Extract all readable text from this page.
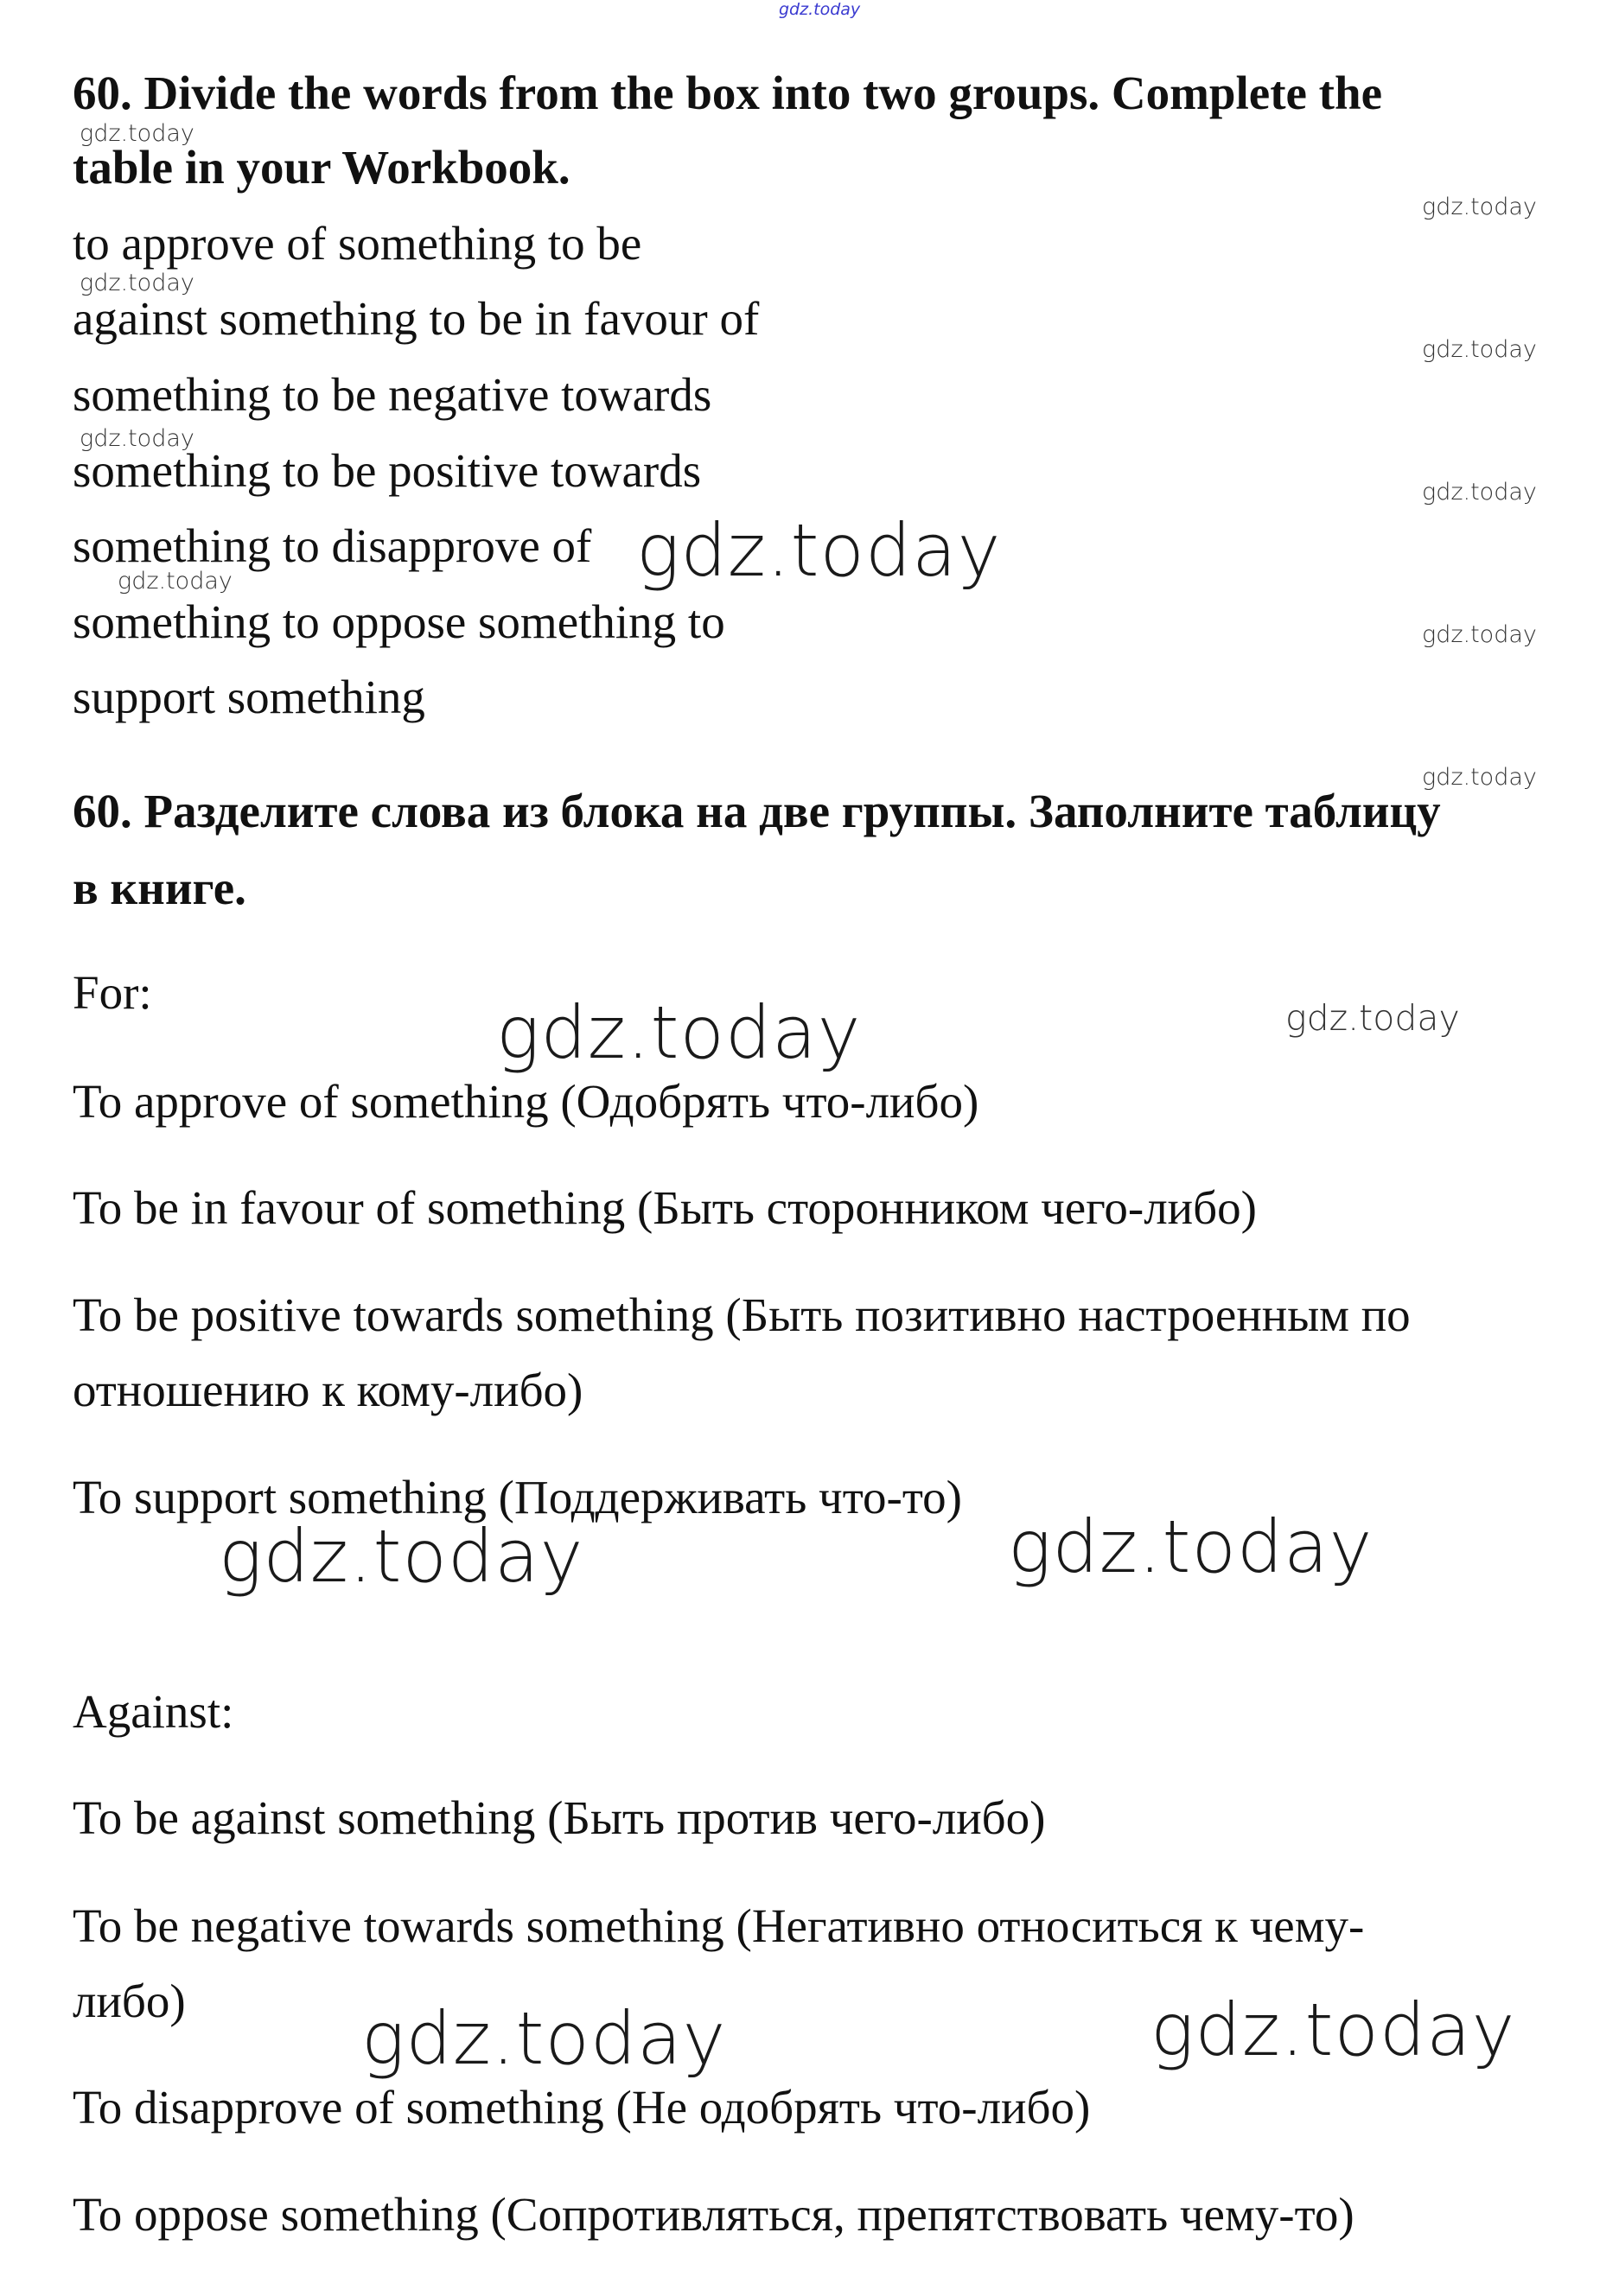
gdz.today
60. Divide the words from the box into two groups. Complete the
table in your Workbook.
to approve of something to be
against something to be in favour of
something to be negative towards
something to be positive towards
something to disapprove of
something to oppose something to
support something
60. Разделите слова из блока на две группы. Заполните таблицу
в книге.
For:
To approve of something (Одобрять что-либо)
To be in favour of something (Быть сторонником чего-либо)
To be positive towards something (Быть позитивно настроенным по
отношению к кому-либо)
To support something (Поддерживать что-то)
Against:
To be against something (Быть против чего-либо)
To be negative towards something (Негативно относиться к чему-
либо)
To disapprove of something (Не одобрять что-либо)
To oppose something (Сопротивляться, препятствовать чему-то)
gdz.today
gdz.today
gdz.today
gdz.today
gdz.today
gdz.today
gdz.today
gdz.today
gdz.today
gdz.today
gdz.today
gdz.today
gdz.today	gdz.today
gdz.today	gdz.today
